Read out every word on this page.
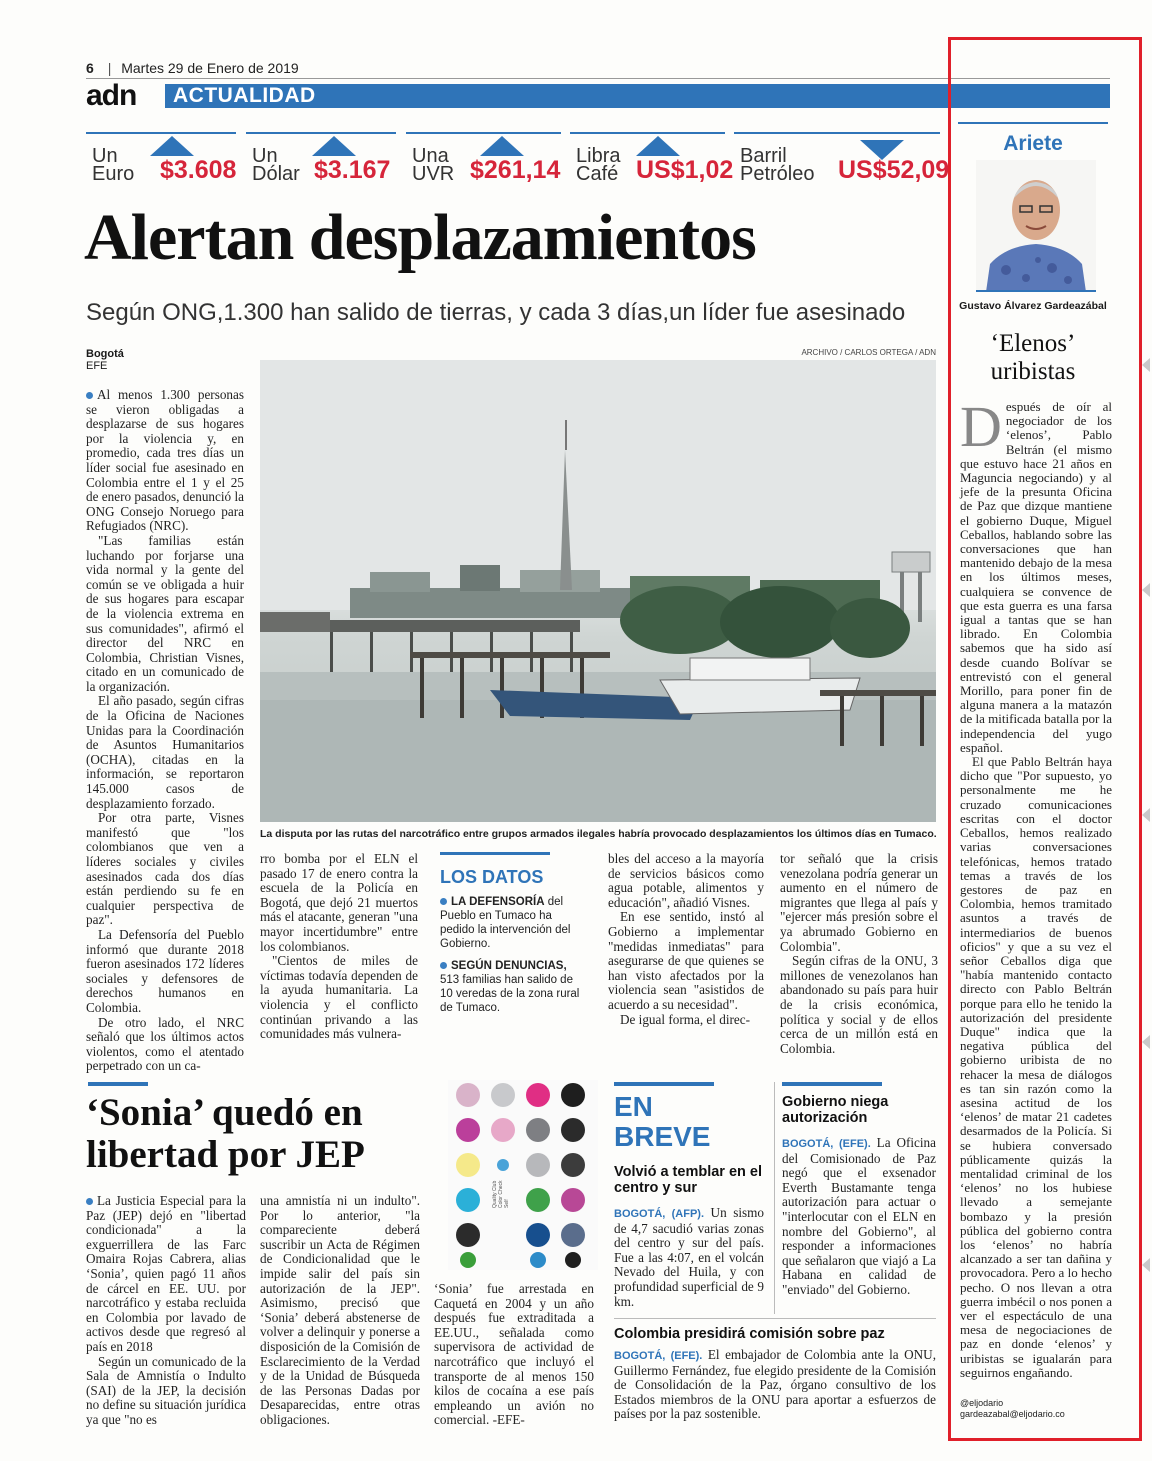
6 | Martes 29 de Enero de 2019
adn ACTUALIDAD
Un
Euro $3.608 Un
Dólar $3.167 Una
UVR $261,14 Libra
Café US$1,02 Barril
Petróleo US$52,09
Alertan desplazamientos
Según ONG,1.300 han salido de tierras, y cada 3 días,un líder fue asesinado
Bogotá
EFE
ARCHIVO / CARLOS ORTEGA / ADN
La disputa por las rutas del narcotráfico entre grupos armados ilegales habría provocado desplazamientos los últimos días en Tumaco.

Al menos 1.300 personas se vieron obligadas a desplazarse de sus hogares por la violencia y, en promedio, cada tres días un líder social fue asesinado en Colombia entre el 1 y el 25 de enero pasados, denunció la ONG Consejo Noruego para Refugiados (NRC).

"Las familias están luchando por forjarse una vida normal y la gente del común se ve obligada a huir de sus hogares para escapar de la violencia extrema en sus comunidades", afirmó el director del NRC en Colombia, Christian Visnes, citado en un comunicado de la organización.

El año pasado, según cifras de la Oficina de Naciones Unidas para la Coordinación de Asuntos Humanitarios (OCHA), citadas en la información, se reportaron 145.000 casos de desplazamiento forzado.

Por otra parte, Visnes manifestó que "los colombianos que ven a líderes sociales y civiles asesinados cada dos días están perdiendo su fe en cualquier perspectiva de paz".

La Defensoría del Pueblo informó que durante 2018 fueron asesinados 172 líderes sociales y defensores de derechos humanos en Colombia.

De otro lado, el NRC señaló que los últimos actos violentos, como el atentado perpetrado con un ca-

rro bomba por el ELN el pasado 17 de enero contra la escuela de la Policía en Bogotá, que dejó 21 muertos más el atacante, generan "una mayor incertidumbre" entre los colombianos.

"Cientos de miles de víctimas todavía dependen de la ayuda humanitaria. La violencia y el conflicto continúan privando a las comunidades más vulnera-

LOS DATOS
LA DEFENSORÍA del Pueblo en Tumaco ha pedido la intervención del Gobierno.
SEGÚN DENUNCIAS, 513 familias han salido de 10 veredas de la zona rural de Tumaco.

bles del acceso a la mayoría de servicios básicos como agua potable, alimentos y educación", añadió Visnes.

En ese sentido, instó al Gobierno a implementar "medidas inmediatas" para asegurarse de que quienes se han visto afectados por la violencia sean "asistidos de acuerdo a su necesidad".

De igual forma, el direc-

tor señaló que la crisis venezolana podría generar un aumento en el número de migrantes que llega al país y "ejercer más presión sobre el ya abrumado Gobierno en Colombia".

Según cifras de la ONU, 3 millones de venezolanos han abandonado su país para huir de la crisis económica, política y social y de ellos cerca de un millón está en Colombia.

‘Sonia’ quedó en libertad por JEP

La Justicia Especial para la Paz (JEP) dejó en "libertad condicionada" a la exguerrillera de las Farc Omaira Rojas Cabrera, alias ‘Sonia’, quien pagó 11 años de cárcel en EE. UU. por narcotráfico y estaba recluida en Colombia por lavado de activos desde que regresó al país en 2018

Según un comunicado de la Sala de Amnistía o Indulto (SAI) de la JEP, la decisión no define su situación jurídica ya que "no es

una amnistía ni un indulto". Por lo anterior, "la compareciente deberá suscribir un Acta de Régimen de Condicionalidad que le impide salir del país sin autorización de la JEP". Asimismo, precisó que ‘Sonia’ deberá abstenerse de volver a delinquir y ponerse a disposición de la Comisión de Esclarecimiento de la Verdad y de la Unidad de Búsqueda de las Personas Dadas por Desaparecidas, entre otras obligaciones.

Quality Club Color Check Self

‘Sonia’ fue arrestada en Caquetá en 2004 y un año después fue extraditada a EE.UU., señalada como supervisora de actividad de narcotráfico que incluyó el transporte de al menos 150 kilos de cocaína a ese país empleando un avión no comercial. -EFE-

EN
BREVE
Volvió a temblar en el centro y sur

BOGOTÁ, (AFP). Un sismo de 4,7 sacudió varias zonas del centro y sur del país. Fue a las 4:07, en el volcán Nevado del Huila, y con profundidad superficial de 9 km.

Gobierno niega autorización

BOGOTÁ, (EFE). La Oficina del Comisionado de Paz negó que el exsenador Everth Bustamante tenga autorización para actuar o "interlocutar con el ELN en nombre del Gobierno", al responder a informaciones que señalaron que viajó a La Habana en calidad de "enviado" del Gobierno.

Colombia presidirá comisión sobre paz

BOGOTÁ, (EFE). El embajador de Colombia ante la ONU, Guillermo Fernández, fue elegido presidente de la Comisión de Consolidación de la Paz, órgano consultivo de los Estados miembros de la ONU para aportar a esfuerzos de países por la paz sostenible.

Ariete
Gustavo Álvarez Gardeazábal
‘Elenos’ uribistas

Después de oír al negociador de los ‘elenos’, Pablo Beltrán (el mismo que estuvo hace 21 años en Maguncia negociando) y al jefe de la presunta Oficina de Paz que dizque mantiene el gobierno Duque, Miguel Ceballos, hablando sobre las conversaciones que han mantenido debajo de la mesa en los últimos meses, cualquiera se convence de que esta guerra es una farsa igual a tantas que se han librado. En Colombia sabemos que ha sido así desde cuando Bolívar se entrevistó con el general Morillo, para poner fin de alguna manera a la matazón de la mitificada batalla por la independencia del yugo español.

El que Pablo Beltrán haya dicho que "Por supuesto, yo personalmente me he cruzado comunicaciones escritas con el doctor Ceballos, hemos realizado varias conversaciones telefónicas, hemos tratado temas a través de los gestores de paz en Colombia, hemos tramitado asuntos a través de intermediarios de buenos oficios" y que a su vez el señor Ceballos diga que "había mantenido contacto directo con Pablo Beltrán porque para ello he tenido la autorización del presidente Duque" indica que la negativa pública del gobierno uribista de no rehacer la mesa de diálogos es tan sin razón como la asesina actitud de los ‘elenos’ de matar 21 cadetes desarmados de la Policía. Si se hubiera conversado públicamente quizás la mentalidad criminal de los ‘elenos’ no los hubiese llevado a semejante bombazo y la presión pública del gobierno contra los ‘elenos’ no habría alcanzado a ser tan dañina y provocadora. Pero a lo hecho pecho. O nos llevan a otra guerra imbécil o nos ponen a ver el espectáculo de una mesa de negociaciones de paz en donde ‘elenos’ y uribistas se igualarán para seguirnos engañando.

@eljodario
gardeazabal@eljodario.co
